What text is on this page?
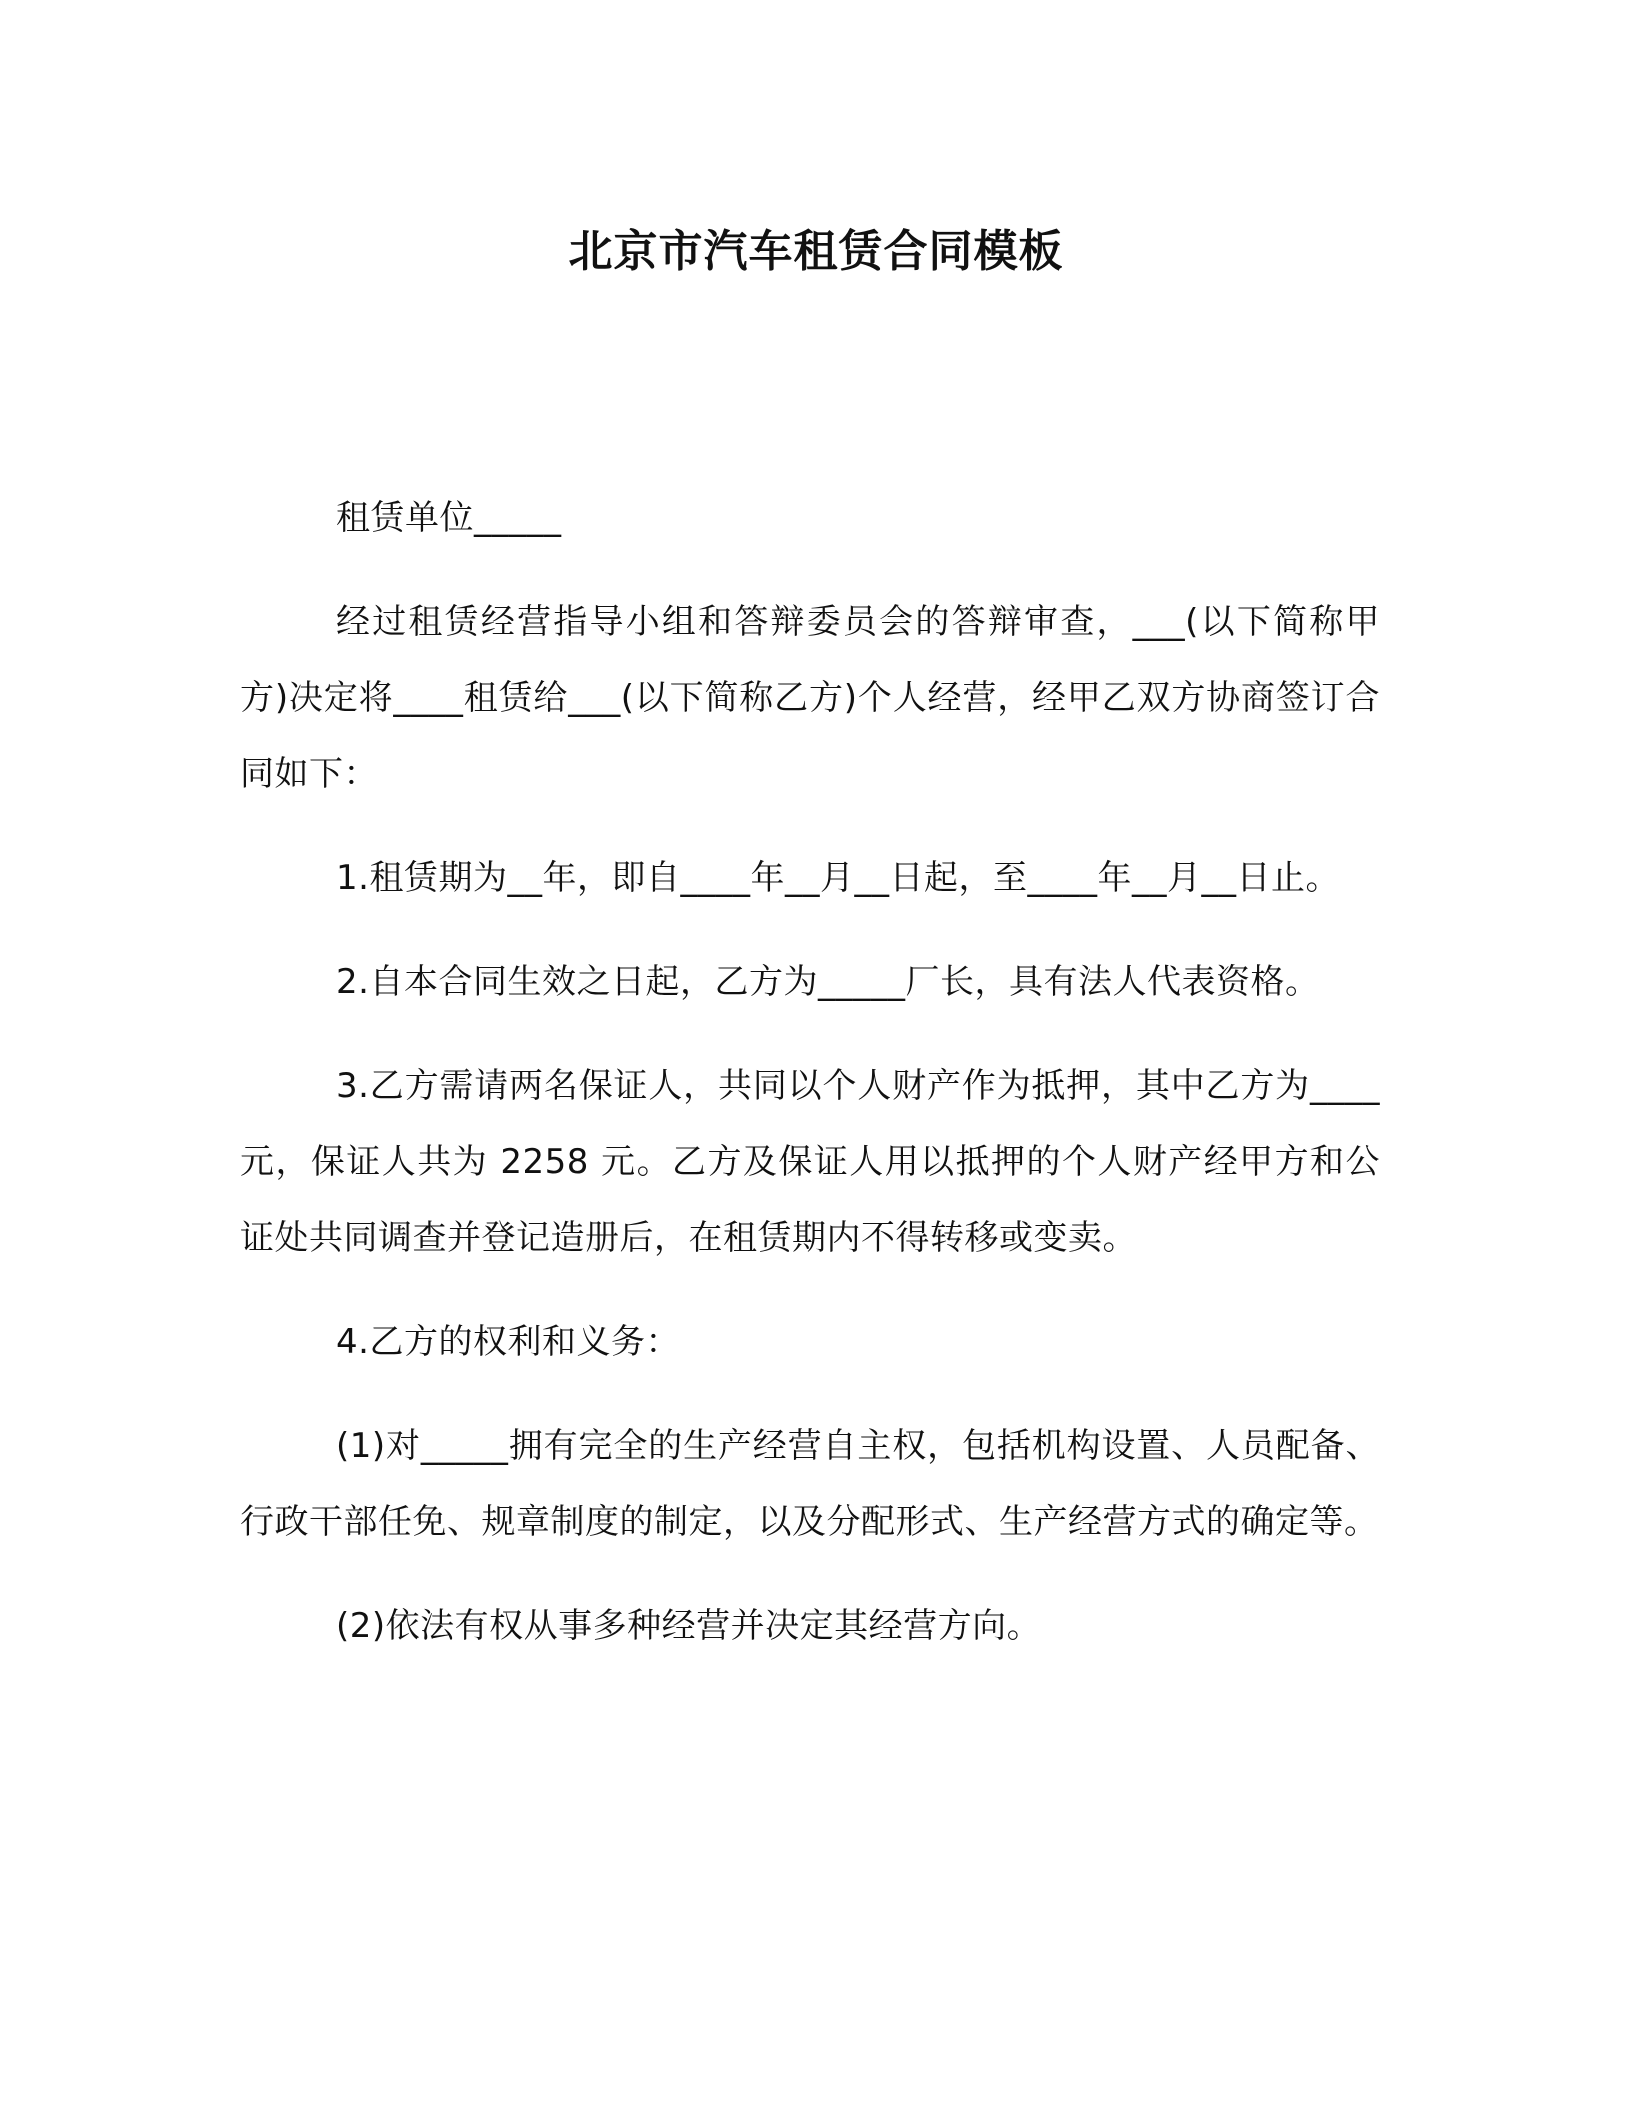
北京市汽车租赁合同模板

租赁单位_____

经过租赁经营指导小组和答辩委员会的答辩审查，___(以下简称甲方)决定将____租赁给___(以下简称乙方)个人经营，经甲乙双方协商签订合同如下：

1.租赁期为__年，即自____年__月__日起，至____年__月__日止。

2.自本合同生效之日起，乙方为_____厂长，具有法人代表资格。

3.乙方需请两名保证人，共同以个人财产作为抵押，其中乙方为____元，保证人共为 2258 元。乙方及保证人用以抵押的个人财产经甲方和公证处共同调查并登记造册后，在租赁期内不得转移或变卖。

4.乙方的权利和义务：

(1)对_____拥有完全的生产经营自主权，包括机构设置、人员配备、行政干部任免、规章制度的制定，以及分配形式、生产经营方式的确定等。

(2)依法有权从事多种经营并决定其经营方向。
